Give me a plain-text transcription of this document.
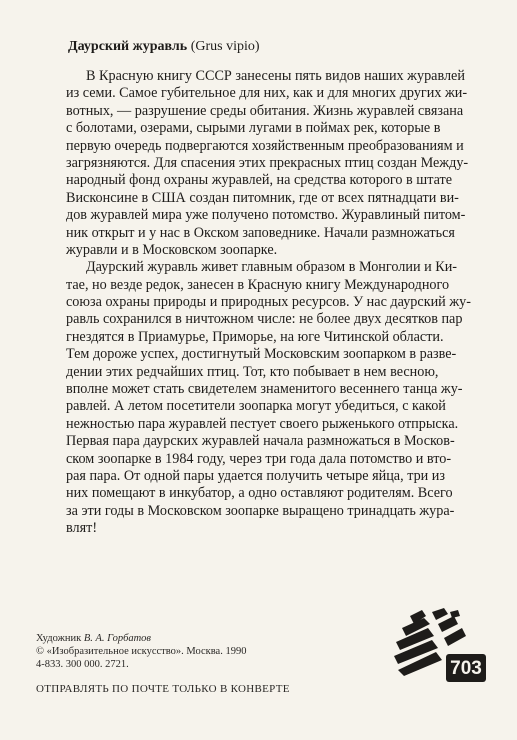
Даурский журавль (Grus vipio)
В Красную книгу СССР занесены пять видов наших журавлей
из семи. Самое губительное для них, как и для многих других жи-
вотных, — разрушение среды обитания. Жизнь журавлей связана
с болотами, озерами, сырыми лугами в поймах рек, которые в
первую очередь подвергаются хозяйственным преобразованиям и
загрязняются. Для спасения этих прекрасных птиц создан Между-
народный фонд охраны журавлей, на средства которого в штате
Висконсине в США создан питомник, где от всех пятнадцати ви-
дов журавлей мира уже получено потомство. Журавлиный питом-
ник открыт и у нас в Окском заповеднике. Начали размножаться
журавли и в Московском зоопарке.
Даурский журавль живет главным образом в Монголии и Ки-
тае, но везде редок, занесен в Красную книгу Международного
союза охраны природы и природных ресурсов. У нас даурский жу-
равль сохранился в ничтожном числе: не более двух десятков пар
гнездятся в Приамурье, Приморье, на юге Читинской области.
Тем дороже успех, достигнутый Московским зоопарком в разве-
дении этих редчайших птиц. Тот, кто побывает в нем весною,
вполне может стать свидетелем знаменитого весеннего танца жу-
равлей. А летом посетители зоопарка могут убедиться, с какой
нежностью пара журавлей пестует своего рыженького отпрыска.
Первая пара даурских журавлей начала размножаться в Москов-
ском зоопарке в 1984 году, через три года дала потомство и вто-
рая пара. От одной пары удается получить четыре яйца, три из
них помещают в инкубатор, а одно оставляют родителям. Всего
за эти годы в Московском зоопарке выращено тринадцать жура-
влят!
Художник В. А. Горбатов
© «Изобразительное искусство». Москва. 1990
4-833. 300 000. 2721.
ОТПРАВЛЯТЬ ПО ПОЧТЕ ТОЛЬКО В КОНВЕРТЕ
703
